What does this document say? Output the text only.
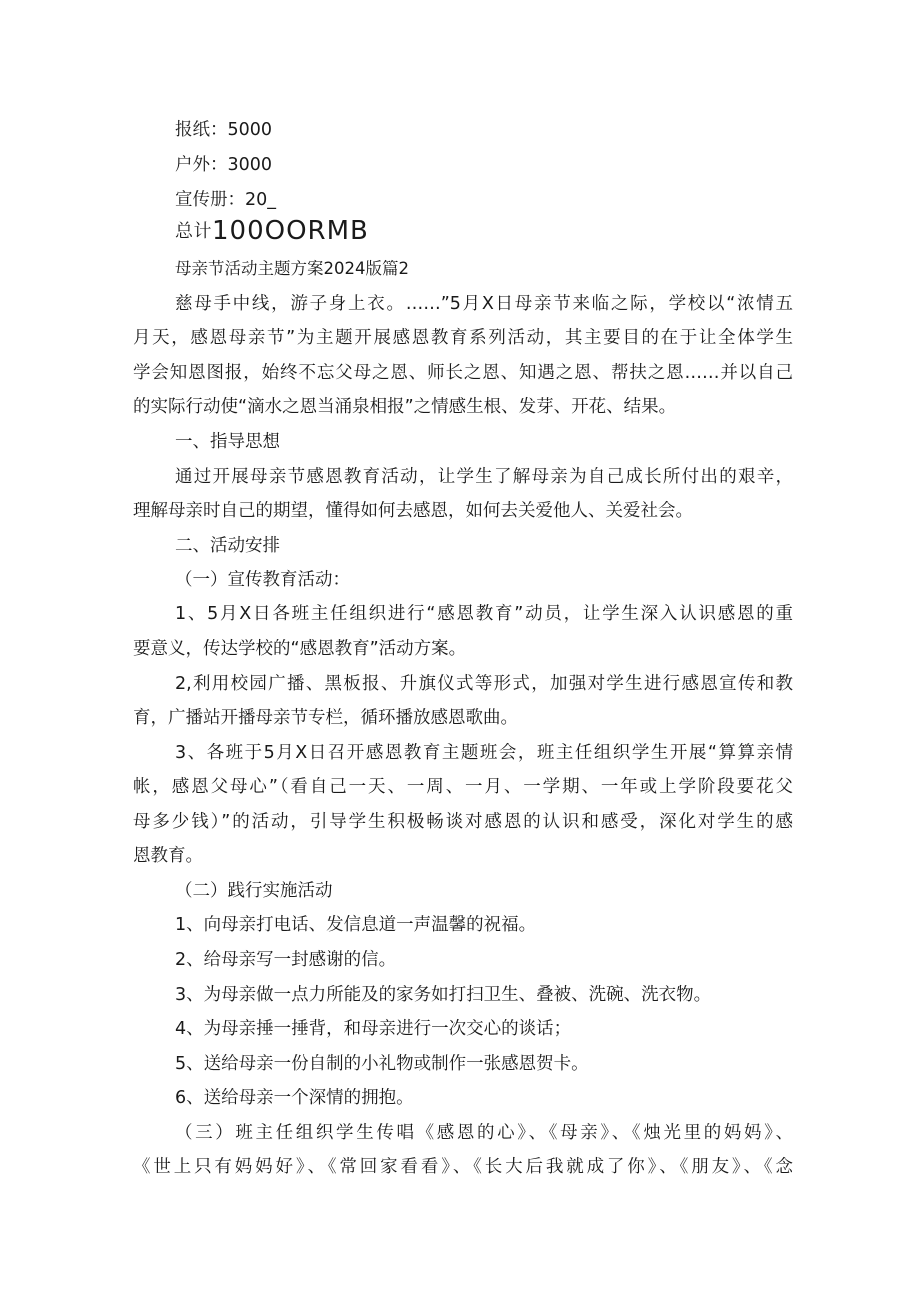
报纸：5000
户外：3000
宣传册：20_
总计100OORMB
母亲节活动主题方案2024版篇2
慈母手中线，游子身上衣。……”5月X日母亲节来临之际，学校以“浓情五
月天，感恩母亲节”为主题开展感恩教育系列活动，其主要目的在于让全体学生
学会知恩图报，始终不忘父母之恩、师长之恩、知遇之恩、帮扶之恩……并以自己
的实际行动使“滴水之恩当涌泉相报”之情感生根、发芽、开花、结果。
一、指导思想
通过开展母亲节感恩教育活动，让学生了解母亲为自己成长所付出的艰辛，
理解母亲时自己的期望，懂得如何去感恩，如何去关爱他人、关爱社会。
二、活动安排
（一）宣传教育活动：
1、5月X日各班主任组织进行“感恩教育”动员，让学生深入认识感恩的重
要意义，传达学校的“感恩教育”活动方案。
2,利用校园广播、黑板报、升旗仪式等形式，加强对学生进行感恩宣传和教
育，广播站开播母亲节专栏，循环播放感恩歌曲。
3、各班于5月X日召开感恩教育主题班会，班主任组织学生开展“算算亲情
帐，感恩父母心”（看自己一天、一周、一月、一学期、一年或上学阶段要花父
母多少钱）”的活动，引导学生积极畅谈对感恩的认识和感受，深化对学生的感
恩教育。
（二）践行实施活动
1、向母亲打电话、发信息道一声温馨的祝福。
2、给母亲写一封感谢的信。
3、为母亲做一点力所能及的家务如打扫卫生、叠被、洗碗、洗衣物。
4、为母亲捶一捶背，和母亲进行一次交心的谈话；
5、送给母亲一份自制的小礼物或制作一张感恩贺卡。
6、送给母亲一个深情的拥抱。
（三）班主任组织学生传唱《感恩的心》、《母亲》、《烛光里的妈妈》、
《世上只有妈妈好》、《常回家看看》、《长大后我就成了你》、《朋友》、《念
